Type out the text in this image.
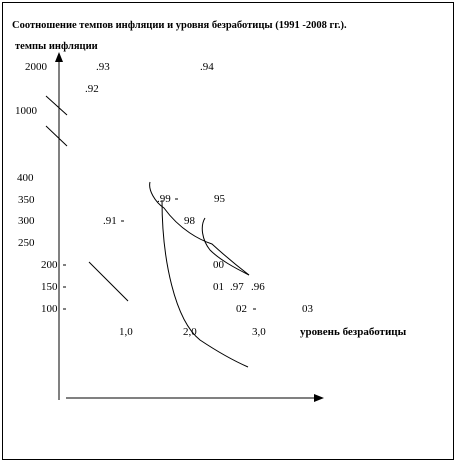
Соотношение темпов инфляции и уровня безработицы (1991 -2008 гг.).
темпы инфляции
уровень безработицы
2000
1000
400
350
300
250
200
150
100
1,0	2,0	3,0
.93	.94
.92
.91
.99	95
98
00
01 .97 .96
02	03
